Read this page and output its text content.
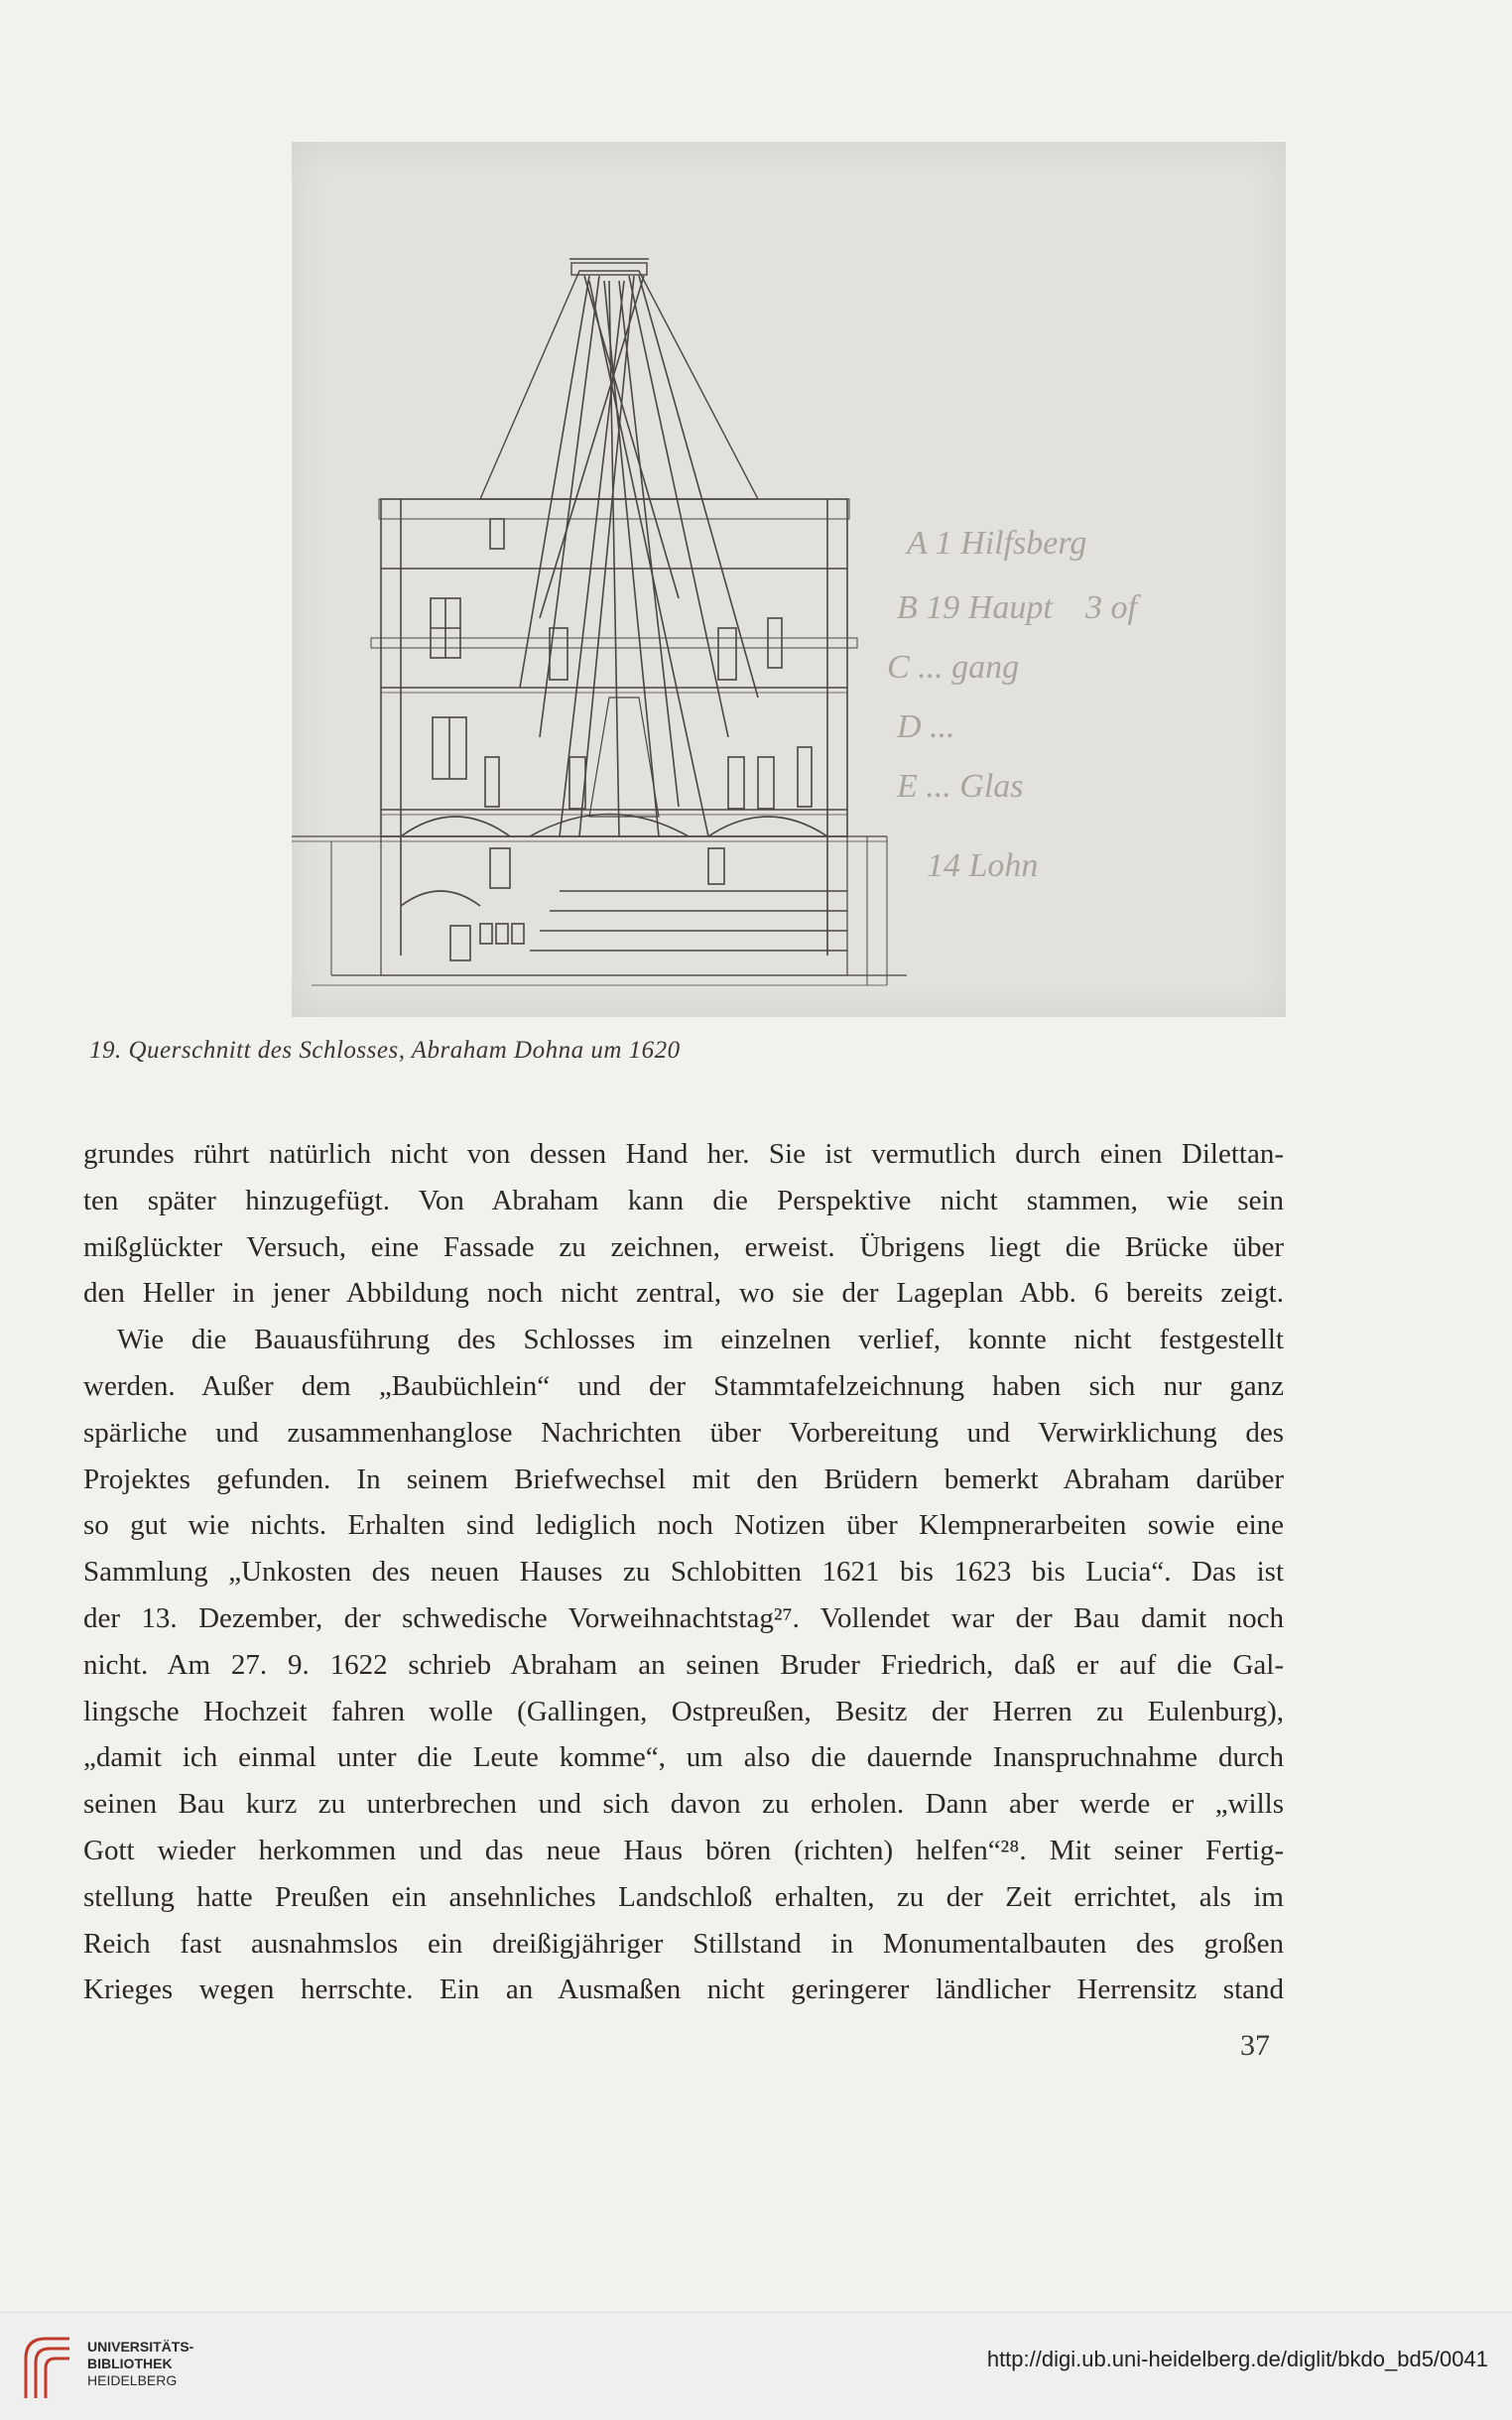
A 1 Hilfsberg
B 19 Haupt 3 of
C ... gang
D ...
E ... Glas
14 Lohn
19. Querschnitt des Schlosses, Abraham Dohna um 1620
grundes rührt natürlich nicht von dessen Hand her. Sie ist vermutlich durch einen Dilettan-
ten später hinzugefügt. Von Abraham kann die Perspektive nicht stammen, wie sein
mißglückter Versuch, eine Fassade zu zeichnen, erweist. Übrigens liegt die Brücke über
den Heller in jener Abbildung noch nicht zentral, wo sie der Lageplan Abb. 6 bereits zeigt.
Wie die Bauausführung des Schlosses im einzelnen verlief, konnte nicht festgestellt
werden. Außer dem „Baubüchlein“ und der Stammtafelzeichnung haben sich nur ganz
spärliche und zusammenhanglose Nachrichten über Vorbereitung und Verwirklichung des
Projektes gefunden. In seinem Briefwechsel mit den Brüdern bemerkt Abraham darüber
so gut wie nichts. Erhalten sind lediglich noch Notizen über Klempnerarbeiten sowie eine
Sammlung „Unkosten des neuen Hauses zu Schlobitten 1621 bis 1623 bis Lucia“. Das ist
der 13. Dezember, der schwedische Vorweihnachtstag²⁷. Vollendet war der Bau damit noch
nicht. Am 27. 9. 1622 schrieb Abraham an seinen Bruder Friedrich, daß er auf die Gal-
lingsche Hochzeit fahren wolle (Gallingen, Ostpreußen, Besitz der Herren zu Eulenburg),
„damit ich einmal unter die Leute komme“, um also die dauernde Inanspruchnahme durch
seinen Bau kurz zu unterbrechen und sich davon zu erholen. Dann aber werde er „wills
Gott wieder herkommen und das neue Haus bören (richten) helfen“²⁸. Mit seiner Fertig-
stellung hatte Preußen ein ansehnliches Landschloß erhalten, zu der Zeit errichtet, als im
Reich fast ausnahmslos ein dreißigjähriger Stillstand in Monumentalbauten des großen
Krieges wegen herrschte. Ein an Ausmaßen nicht geringerer ländlicher Herrensitz stand
37
UNIVERSITÄTS-
BIBLIOTHEK
HEIDELBERG
http://digi.ub.uni-heidelberg.de/diglit/bkdo_bd5/0041
